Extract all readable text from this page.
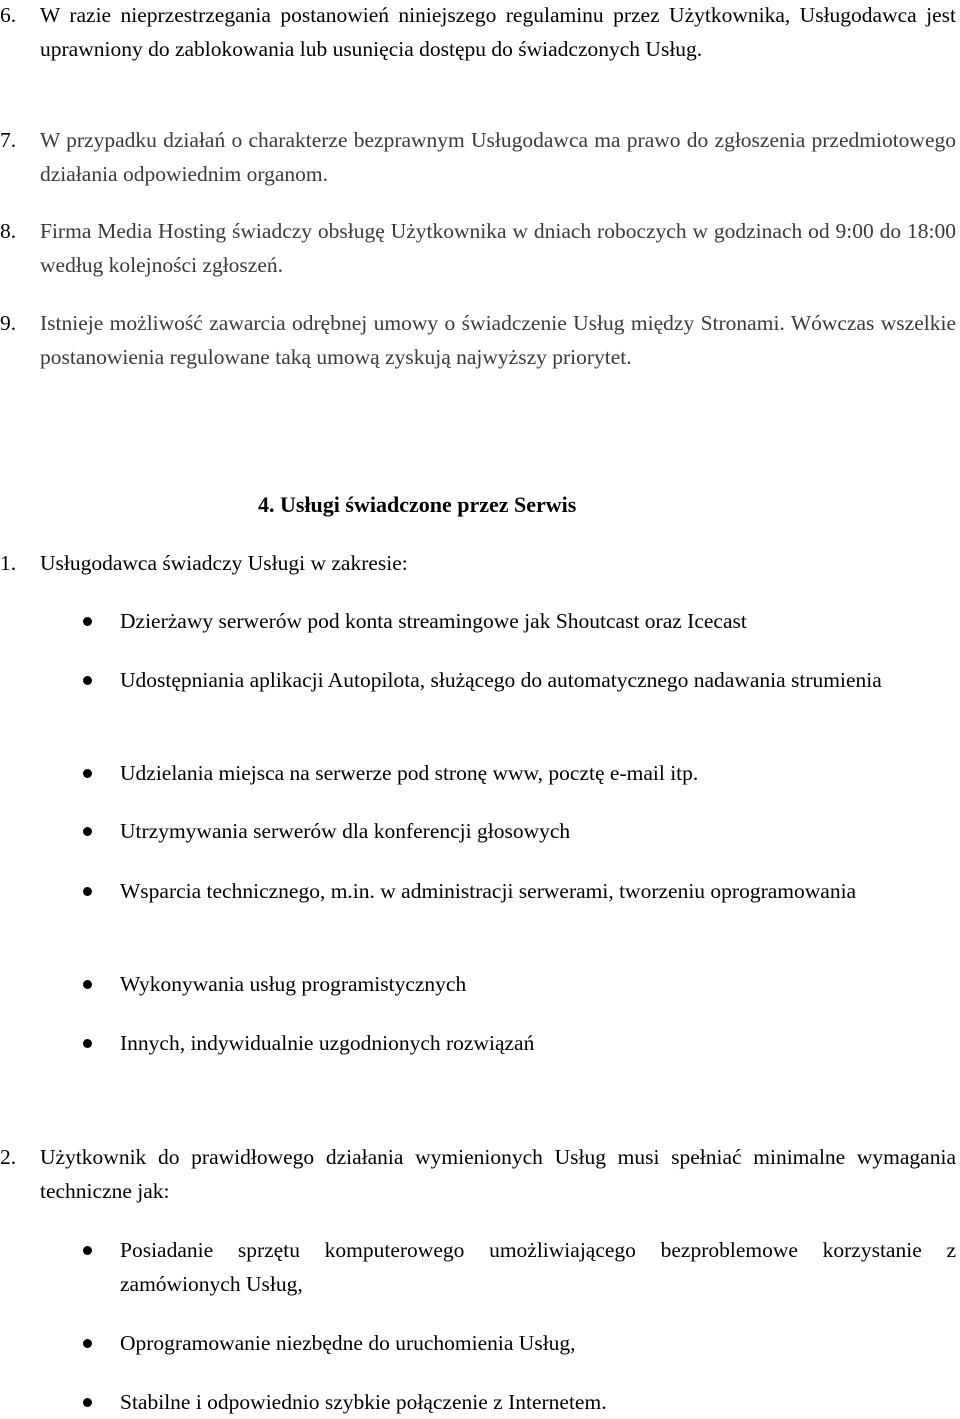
6. W razie nieprzestrzegania postanowień niniejszego regulaminu przez Użytkownika, Usługodawca jest uprawniony do zablokowania lub usunięcia dostępu do świadczonych Usług.
7. W przypadku działań o charakterze bezprawnym Usługodawca ma prawo do zgłoszenia przedmiotowego działania odpowiednim organom.
8. Firma Media Hosting świadczy obsługę Użytkownika w dniach roboczych w godzinach od 9:00 do 18:00 według kolejności zgłoszeń.
9. Istnieje możliwość zawarcia odrębnej umowy o świadczenie Usług między Stronami. Wówczas wszelkie postanowienia regulowane taką umową zyskują najwyższy priorytet.
4. Usługi świadczone przez Serwis
1. Usługodawca świadczy Usługi w zakresie:
Dzierżawy serwerów pod konta streamingowe jak Shoutcast oraz Icecast
Udostępniania aplikacji Autopilota, służącego do automatycznego nadawania strumienia
Udzielania miejsca na serwerze pod stronę www, pocztę e-mail itp.
Utrzymywania serwerów dla konferencji głosowych
Wsparcia technicznego, m.in. w administracji serwerami, tworzeniu oprogramowania
Wykonywania usług programistycznych
Innych, indywidualnie uzgodnionych rozwiązań
2. Użytkownik do prawidłowego działania wymienionych Usług musi spełniać minimalne wymagania techniczne jak:
Posiadanie sprzętu komputerowego umożliwiającego bezproblemowe korzystanie z zamówionych Usług,
Oprogramowanie niezbędne do uruchomienia Usług,
Stabilne i odpowiednio szybkie połączenie z Internetem.
